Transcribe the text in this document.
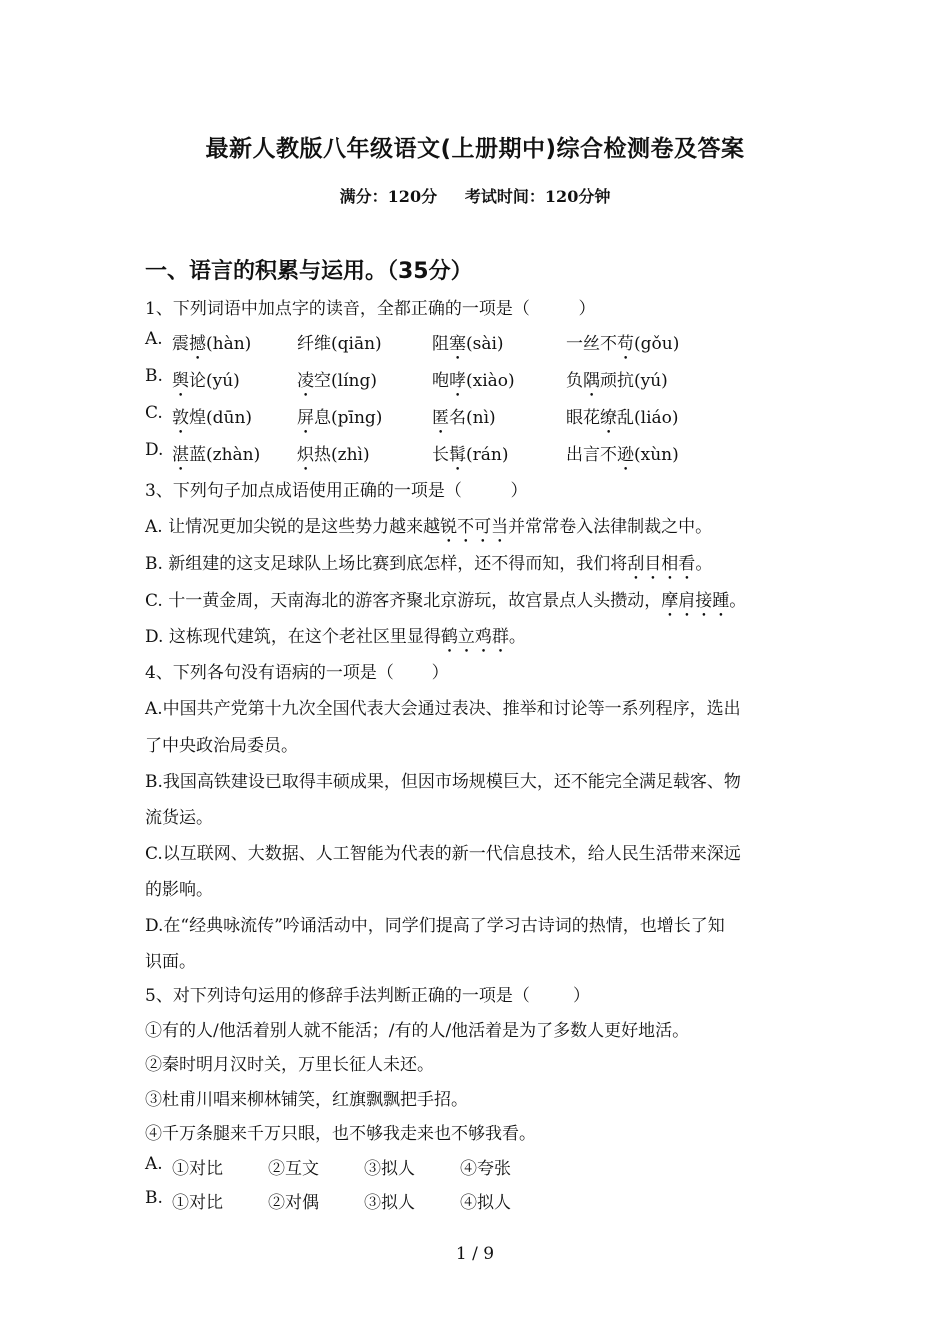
最新人教版八年级语文(上册期中)综合检测卷及答案
满分：120分     考试时间：120分钟
一、语言的积累与运用。（35分）
1、下列词语中加点字的读音，全都正确的一项是（         ）
A. 震撼(hàn)	纤维(qiān)	阻塞(sài)	一丝不苟(gǒu)
B. 舆论(yú)	凌空(líng)	咆哮(xiào)	负隅顽抗(yú)
C. 敦煌(dūn)	屏息(pīng)	匿名(nì)	眼花缭乱(liáo)
D. 湛蓝(zhàn) 炽热(zhì)	长髯(rán)	出言不逊(xùn)
3、下列句子加点成语使用正确的一项是（         ）
A. 让情况更加尖锐的是这些势力越来越锐不可当并常常卷入法律制裁之中。
B. 新组建的这支足球队上场比赛到底怎样，还不得而知，我们将刮目相看。
C. 十一黄金周，天南海北的游客齐聚北京游玩，故宫景点人头攒动，摩肩接踵。
D. 这栋现代建筑，在这个老社区里显得鹤立鸡群。
4、下列各句没有语病的一项是（       ）
A.中国共产党第十九次全国代表大会通过表决、推举和讨论等一系列程序，选出
了中央政治局委员。
B.我国高铁建设已取得丰硕成果，但因市场规模巨大，还不能完全满足载客、物
流货运。
C.以互联网、大数据、人工智能为代表的新一代信息技术，给人民生活带来深远
的影响。
D.在“经典咏流传”吟诵活动中，同学们提高了学习古诗词的热情，也增长了知
识面。
5、对下列诗句运用的修辞手法判断正确的一项是（        ）
①有的人/他活着别人就不能活；/有的人/他活着是为了多数人更好地活。
②秦时明月汉时关，万里长征人未还。
③杜甫川唱来柳林铺笑，红旗飘飘把手招。
④千万条腿来千万只眼，也不够我走来也不够我看。
A. ①对比	②互文	③拟人	④夸张
B. ①对比	②对偶	③拟人	④拟人
1 / 9
